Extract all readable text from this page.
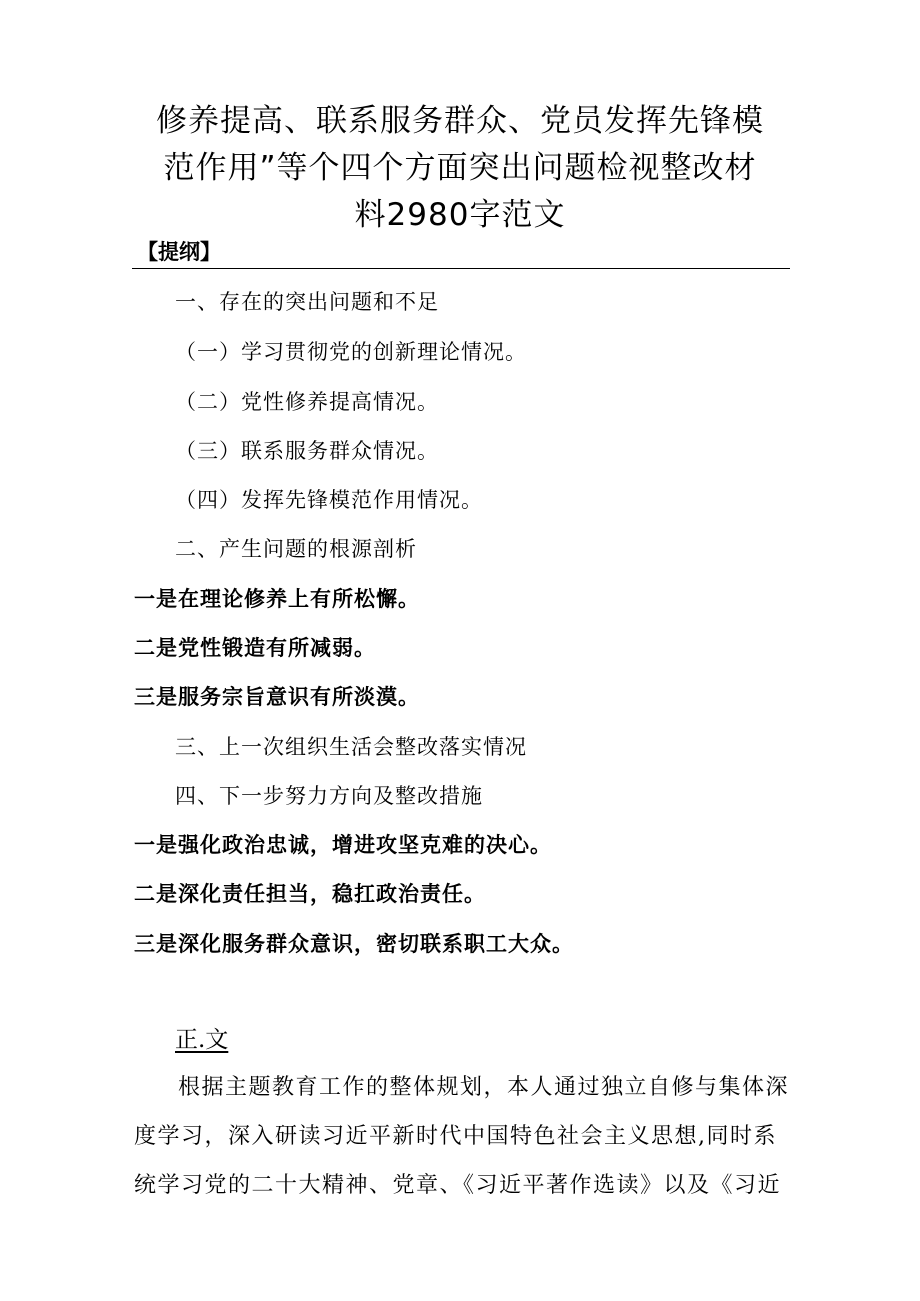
修养提高、联系服务群众、党员发挥先锋模
范作用”等个四个方面突出问题检视整改材
料2980字范文
【提纲】
一、存在的突出问题和不足
（一）学习贯彻党的创新理论情况。
（二）党性修养提高情况。
（三）联系服务群众情况。
（四）发挥先锋模范作用情况。
二、产生问题的根源剖析
一是在理论修养上有所松懈。
二是党性锻造有所减弱。
三是服务宗旨意识有所淡漠。
三、上一次组织生活会整改落实情况
四、下一步努力方向及整改措施
一是强化政治忠诚，增进攻坚克难的决心。
二是深化责任担当，稳扛政治责任。
三是深化服务群众意识，密切联系职工大众。
正.文
根据主题教育工作的整体规划，本人通过独立自修与集体深
度学习，深入研读习近平新时代中国特色社会主义思想,同时系
统学习党的二十大精神、党章、《习近平著作选读》以及《习近
